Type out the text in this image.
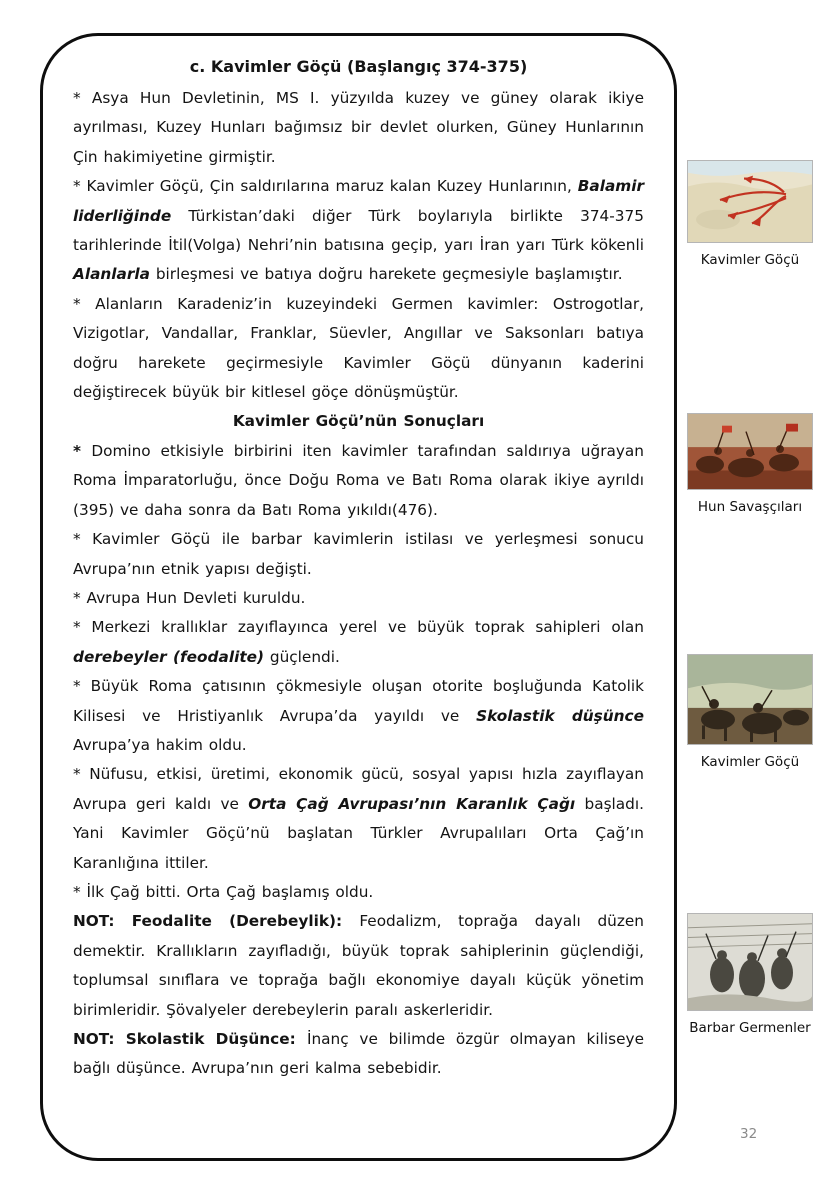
c. Kavimler Göçü (Başlangıç 374-375)

* Asya Hun Devletinin, MS I. yüzyılda kuzey ve güney olarak ikiye ayrılması, Kuzey Hunları bağımsız bir devlet olurken, Güney Hunlarının Çin hakimiyetine girmiştir.

* Kavimler Göçü, Çin saldırılarına maruz kalan Kuzey Hunlarının, Balamir liderliğinde Türkistan’daki diğer Türk boylarıyla birlikte 374-375 tarihlerinde İtil(Volga) Nehri’nin batısına geçip, yarı İran yarı Türk kökenli Alanlarla birleşmesi ve batıya doğru harekete geçmesiyle başlamıştır.

* Alanların Karadeniz’in kuzeyindeki Germen kavimler: Ostrogotlar, Vizigotlar, Vandallar, Franklar, Süevler, Angıllar ve Saksonları batıya doğru harekete geçirmesiyle Kavimler Göçü dünyanın kaderini değiştirecek büyük bir kitlesel göçe dönüşmüştür.

Kavimler Göçü’nün Sonuçları

* Domino etkisiyle birbirini iten kavimler tarafından saldırıya uğrayan Roma İmparatorluğu, önce Doğu Roma ve Batı Roma olarak ikiye ayrıldı (395) ve daha sonra da Batı Roma yıkıldı(476).

* Kavimler Göçü ile barbar kavimlerin istilası ve yerleşmesi sonucu Avrupa’nın etnik yapısı değişti.

* Avrupa Hun Devleti kuruldu.

* Merkezi krallıklar zayıflayınca yerel ve büyük toprak sahipleri olan derebeyler (feodalite) güçlendi.

* Büyük Roma çatısının çökmesiyle oluşan otorite boşluğunda Katolik Kilisesi ve Hristiyanlık Avrupa’da yayıldı ve Skolastik düşünce Avrupa’ya hakim oldu.

* Nüfusu, etkisi, üretimi, ekonomik gücü, sosyal yapısı hızla zayıflayan Avrupa geri kaldı ve Orta Çağ Avrupası’nın Karanlık Çağı başladı. Yani Kavimler Göçü’nü başlatan Türkler Avrupalıları Orta Çağ’ın Karanlığına ittiler.

* İlk Çağ bitti. Orta Çağ başlamış oldu.

NOT: Feodalite (Derebeylik): Feodalizm, toprağa dayalı düzen demektir. Krallıkların zayıfladığı, büyük toprak sahiplerinin güçlendiği, toplumsal sınıflara ve toprağa bağlı ekonomiye dayalı küçük yönetim birimleridir. Şövalyeler derebeylerin paralı askerleridir.

NOT: Skolastik Düşünce: İnanç ve bilimde özgür olmayan kiliseye bağlı düşünce. Avrupa’nın geri kalma sebebidir.

Kavimler Göçü
Hun Savaşçıları
Kavimler Göçü
Barbar Germenler
32
